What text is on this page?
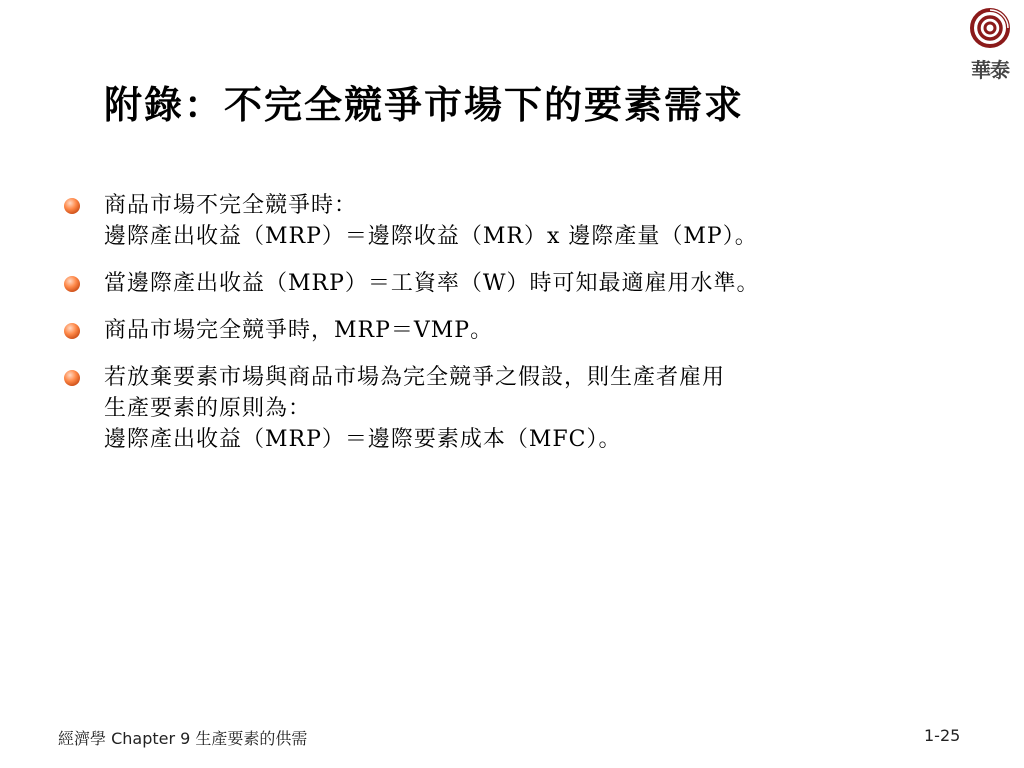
華泰
附錄：不完全競爭市場下的要素需求
商品市場不完全競爭時：
邊際產出收益（MRP）＝邊際收益（MR）x 邊際產量（MP）。
當邊際產出收益（MRP）＝工資率（W）時可知最適雇用水準。
商品市場完全競爭時，MRP＝VMP。
若放棄要素市場與商品市場為完全競爭之假設，則生產者雇用
生產要素的原則為：
邊際產出收益（MRP）＝邊際要素成本（MFC）。
經濟學 Chapter 9 生產要素的供需	1-25
